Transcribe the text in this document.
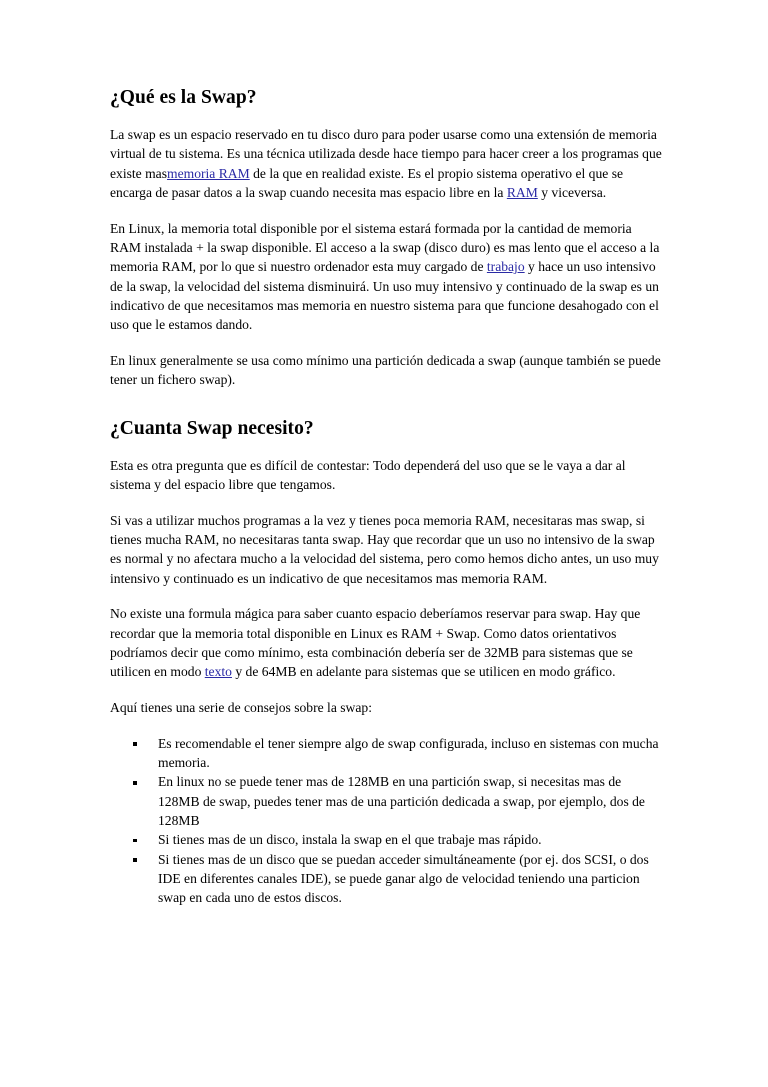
¿Qué es la Swap?

La swap es un espacio reservado en tu disco duro para poder usarse como una extensión de memoria virtual de tu sistema. Es una técnica utilizada desde hace tiempo para hacer creer a los programas que existe masmemoria RAM de la que en realidad existe. Es el propio sistema operativo el que se encarga de pasar datos a la swap cuando necesita mas espacio libre en la RAM y viceversa.

En Linux, la memoria total disponible por el sistema estará formada por la cantidad de memoria RAM instalada + la swap disponible. El acceso a la swap (disco duro) es mas lento que el acceso a la memoria RAM, por lo que si nuestro ordenador esta muy cargado de trabajo y hace un uso intensivo de la swap, la velocidad del sistema disminuirá. Un uso muy intensivo y continuado de la swap es un indicativo de que necesitamos mas memoria en nuestro sistema para que funcione desahogado con el uso que le estamos dando.

En linux generalmente se usa como mínimo una partición dedicada a swap (aunque también se puede tener un fichero swap).

¿Cuanta Swap necesito?

Esta es otra pregunta que es difícil de contestar: Todo dependerá del uso que se le vaya a dar al sistema y del espacio libre que tengamos.

Si vas a utilizar muchos programas a la vez y tienes poca memoria RAM, necesitaras mas swap, si tienes mucha RAM, no necesitaras tanta swap. Hay que recordar que un uso no intensivo de la swap es normal y no afectara mucho a la velocidad del sistema, pero como hemos dicho antes, un uso muy intensivo y continuado es un indicativo de que necesitamos mas memoria RAM.

No existe una formula mágica para saber cuanto espacio deberíamos reservar para swap. Hay que recordar que la memoria total disponible en Linux es RAM + Swap. Como datos orientativos podríamos decir que como mínimo, esta combinación debería ser de 32MB para sistemas que se utilicen en modo texto y de 64MB en adelante para sistemas que se utilicen en modo gráfico.

Aquí tienes una serie de consejos sobre la swap:

Es recomendable el tener siempre algo de swap configurada, incluso en sistemas con mucha memoria.
En linux no se puede tener mas de 128MB en una partición swap, si necesitas mas de 128MB de swap, puedes tener mas de una partición dedicada a swap, por ejemplo, dos de 128MB
Si tienes mas de un disco, instala la swap en el que trabaje mas rápido.
Si tienes mas de un disco que se puedan acceder simultáneamente (por ej. dos SCSI, o dos IDE en diferentes canales IDE), se puede ganar algo de velocidad teniendo una particion swap en cada uno de estos discos.
